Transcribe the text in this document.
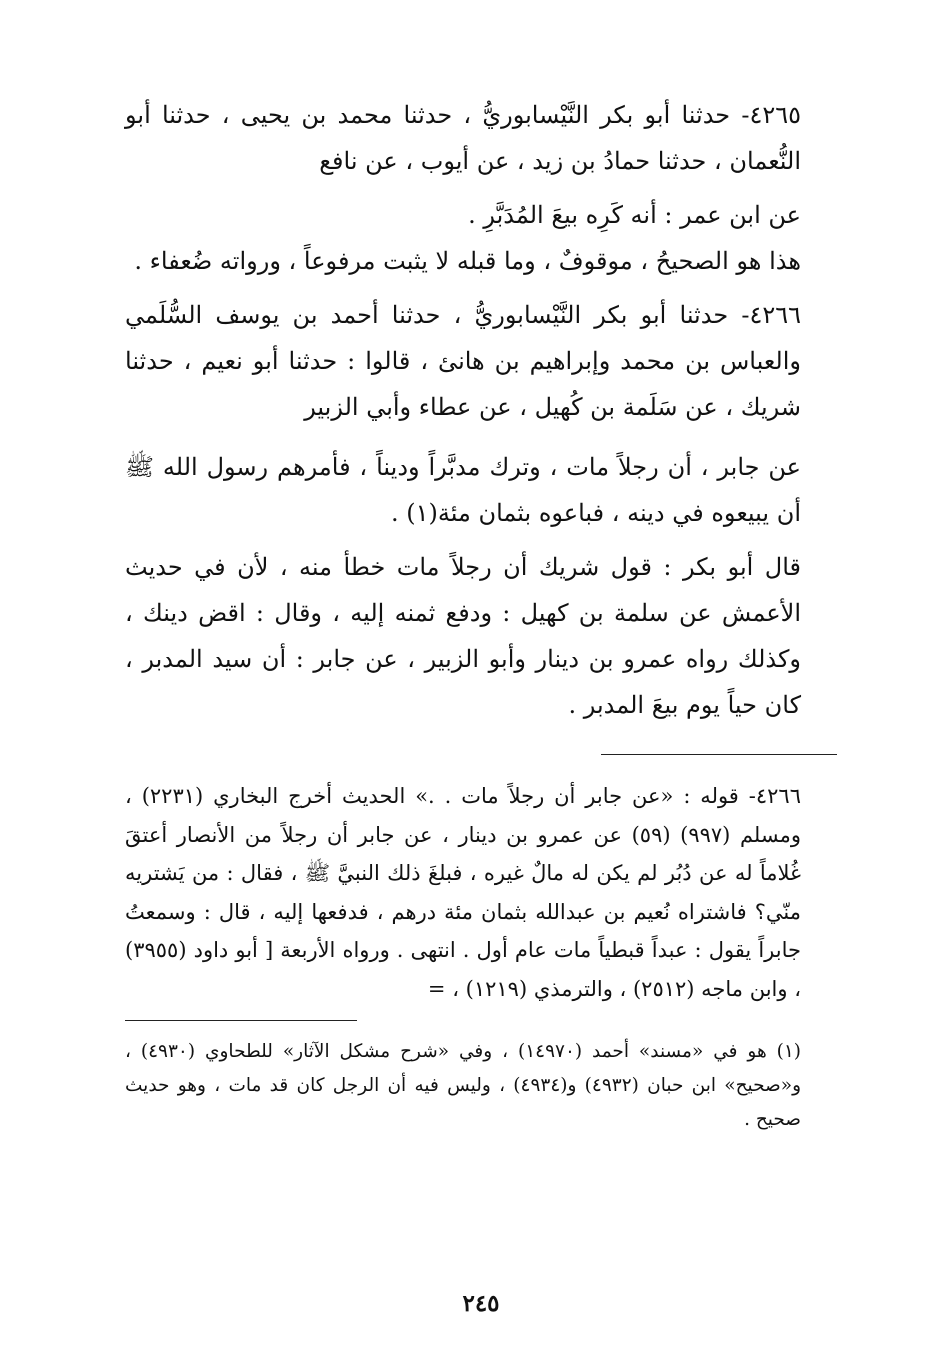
٤٢٦٥- حدثنا أبو بكر النَّيْسابوريُّ ، حدثنا محمد بن يحيى ، حدثنا أبو النُّعمان ، حدثنا حمادُ بن زيد ، عن أيوب ، عن نافع

عن ابن عمر : أنه كَرِه بيعَ المُدَبَّرِ .

هذا هو الصحيحُ ، موقوفٌ ، وما قبله لا يثبت مرفوعاً ، ورواته ضُعفاء .

٤٢٦٦- حدثنا أبو بكر النَّيْسابوريُّ ، حدثنا أحمد بن يوسف السُّلَمي والعباس بن محمد وإبراهيم بن هانئ ، قالوا : حدثنا أبو نعيم ، حدثنا شريك ، عن سَلَمة بن كُهيل ، عن عطاء وأبي الزبير

عن جابر ، أن رجلاً مات ، وترك مدبَّراً وديناً ، فأمرهم رسول الله ﷺ أن يبيعوه في دينه ، فباعوه بثمان مئة(١) .

قال أبو بكر : قول شريك أن رجلاً مات خطأ منه ، لأن في حديث الأعمش عن سلمة بن كهيل : ودفع ثمنه إليه ، وقال : اقض دينك ، وكذلك رواه عمرو بن دينار وأبو الزبير ، عن جابر : أن سيد المدبر ، كان حياً يوم بيعَ المدبر .

٤٢٦٦- قوله : «عن جابر أن رجلاً مات . .» الحديث أخرج البخاري (٢٢٣١) ، ومسلم (٩٩٧) (٥٩) عن عمرو بن دينار ، عن جابر أن رجلاً من الأنصار أعتقَ غُلاماً له عن دُبُر لم يكن له مالٌ غيره ، فبلغَ ذلك النبيَّ ﷺ ، فقال : من يَشتريه منّي؟ فاشتراه نُعيم بن عبدالله بثمان مئة درهم ، فدفعها إليه ، قال : وسمعتُ جابراً يقول : عبداً قبطياً مات عام أول . انتهى . ورواه الأربعة [ أبو داود (٣٩٥٥) ، وابن ماجه (٢٥١٢) ، والترمذي (١٢١٩) ، =

(١) هو في «مسند» أحمد (١٤٩٧٠) ، وفي «شرح مشكل الآثار» للطحاوي (٤٩٣٠) ، و«صحيح» ابن حبان (٤٩٣٢) و(٤٩٣٤) ، وليس فيه أن الرجل كان قد مات ، وهو حديث صحيح .

٢٤٥
